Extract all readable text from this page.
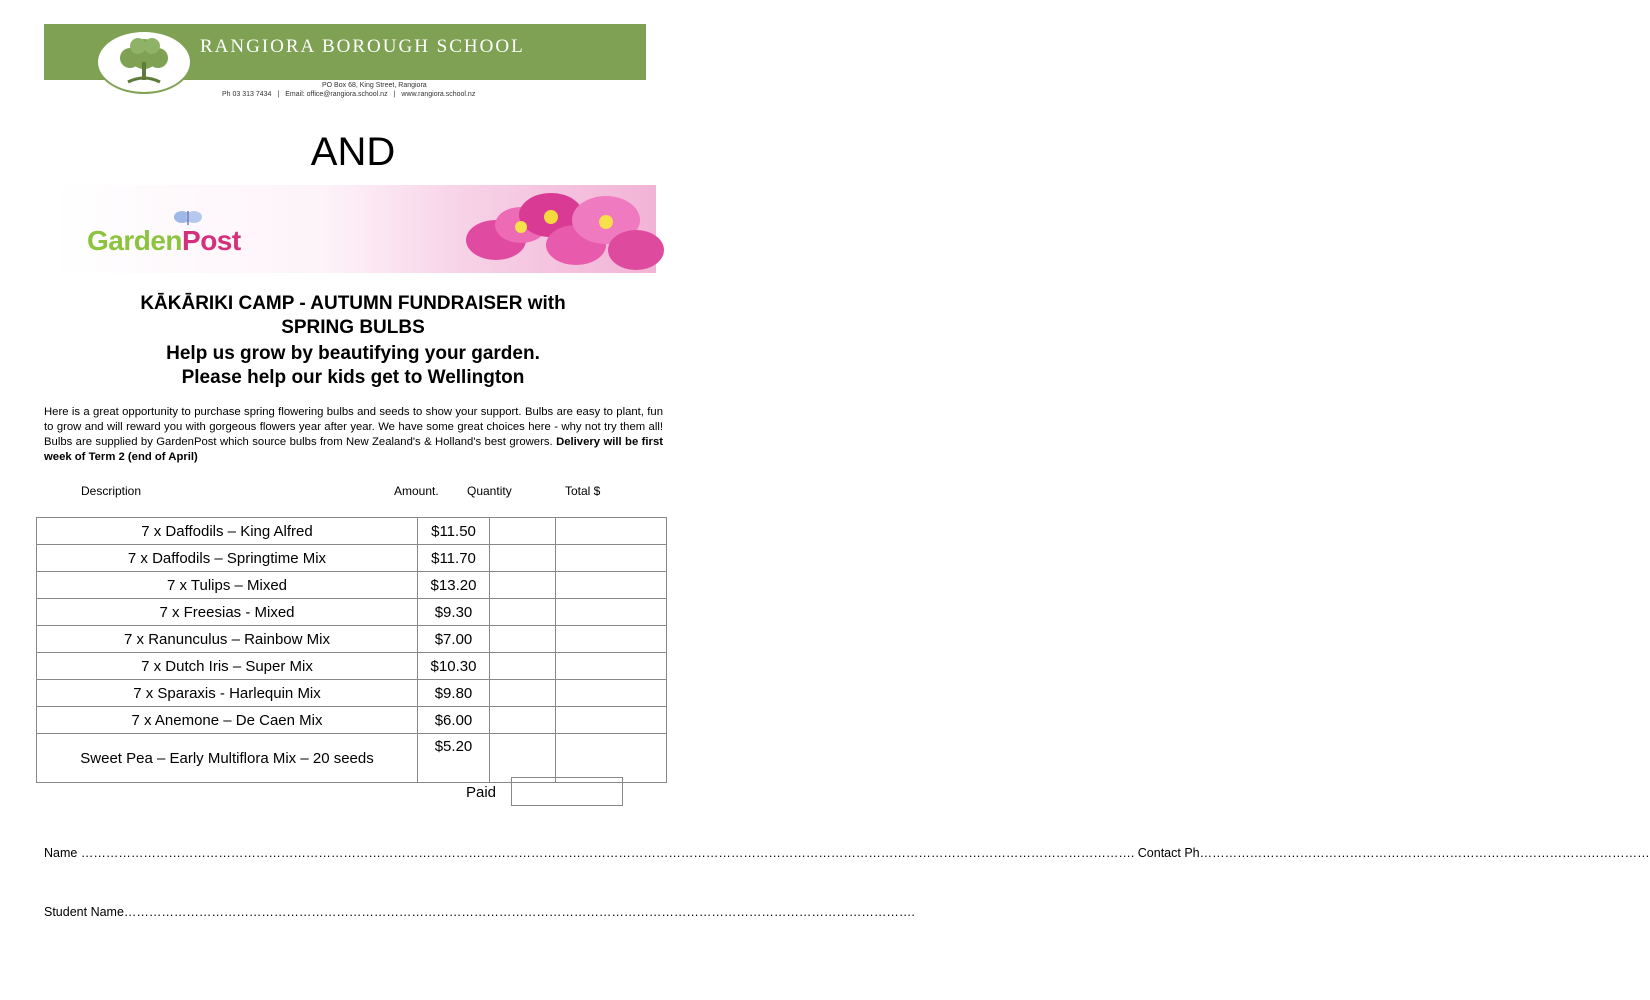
RANGIORA BOROUGH SCHOOL
PO Box 68, King Street, Rangiora
Ph 03 313 7434 | Email: office@rangiora.school.nz | www.rangiora.school.nz
AND
GardenPost
KĀKĀRIKI CAMP - AUTUMN FUNDRAISER with
SPRING BULBS
Help us grow by beautifying your garden.
Please help our kids get to Wellington
Here is a great opportunity to purchase spring flowering bulbs and seeds to show your support. Bulbs are easy to plant, fun to grow and will reward you with gorgeous flowers year after year. We have some great choices here - why not try them all! Bulbs are supplied by GardenPost which source bulbs from New Zealand's & Holland's best growers. Delivery will be first week of Term 2 (end of April)
Description	Amount. Quantity	Total $
7 x Daffodils – King Alfred	$11.50		
7 x Daffodils – Springtime Mix	$11.70		
7 x Tulips – Mixed	$13.20		
7 x Freesias - Mixed	$9.30		
7 x Ranunculus – Rainbow Mix	$7.00		
7 x Dutch Iris – Super Mix	$10.30		
7 x Sparaxis - Harlequin Mix	$9.80		
7 x Anemone – De Caen Mix	$6.00		
Sweet Pea – Early Multiflora Mix – 20 seeds	$5.20		
Paid
Name ………………………………………………………………………………………………………………………………………………………………………………………………………………………………. Contact Ph………………………………………………………………………………………………
Student Name……………………………………………………………………………………………………………………………………………………………………….
